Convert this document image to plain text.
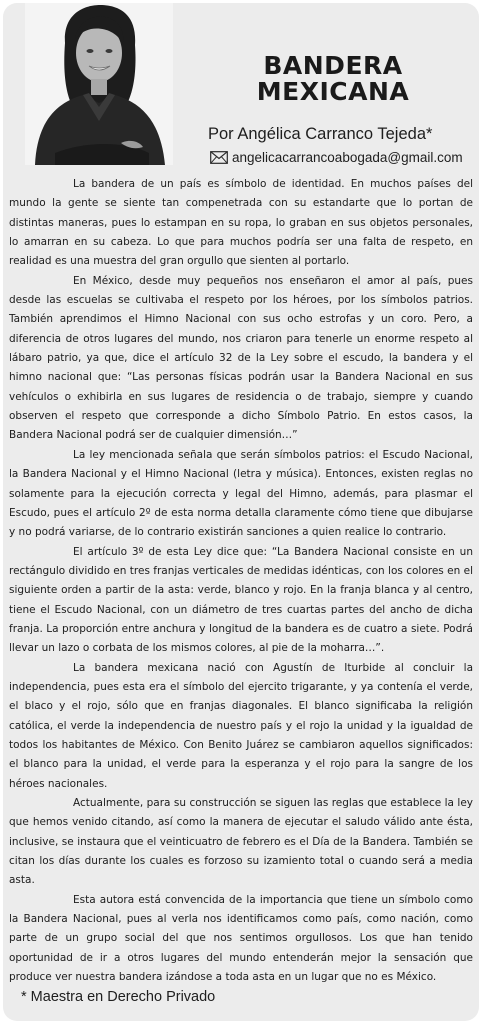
BANDERA
MEXICANA
Por Angélica Carranco Tejeda*
angelicacarrancoabogada@gmail.com

La bandera de un país es símbolo de identidad. En muchos países del mundo la gente se siente tan compenetrada con su estandarte que lo portan de distintas maneras, pues lo estampan en su ropa, lo graban en sus objetos personales, lo amarran en su cabeza. Lo que para muchos podría ser una falta de respeto, en realidad es una muestra del gran orgullo que sienten al portarlo.

En México, desde muy pequeños nos enseñaron el amor al país, pues desde las escuelas se cultivaba el respeto por los héroes, por los símbolos patrios. También aprendimos el Himno Nacional con sus ocho estrofas y un coro. Pero, a diferencia de otros lugares del mundo, nos criaron para tenerle un enorme respeto al lábaro patrio, ya que, dice el artículo 32 de la Ley sobre el escudo, la bandera y el himno nacional que: “Las personas físicas podrán usar la Bandera Nacional en sus vehículos o exhibirla en sus lugares de residencia o de trabajo, siempre y cuando observen el respeto que corresponde a dicho Símbolo Patrio. En estos casos, la Bandera Nacional podrá ser de cualquier dimensión…”

La ley mencionada señala que serán símbolos patrios: el Escudo Nacional, la Bandera Nacional y el Himno Nacional (letra y música). Entonces, existen reglas no solamente para la ejecución correcta y legal del Himno, además, para plasmar el Escudo, pues el artículo 2º de esta norma detalla claramente cómo tiene que dibujarse y no podrá variarse, de lo contrario existirán sanciones a quien realice lo contrario.

El artículo 3º de esta Ley dice que: “La Bandera Nacional consiste en un rectángulo dividido en tres franjas verticales de medidas idénticas, con los colores en el siguiente orden a partir de la asta: verde, blanco y rojo. En la franja blanca y al centro, tiene el Escudo Nacional, con un diámetro de tres cuartas partes del ancho de dicha franja. La proporción entre anchura y longitud de la bandera es de cuatro a siete. Podrá llevar un lazo o corbata de los mismos colores, al pie de la moharra…”.

La bandera mexicana nació con Agustín de Iturbide al concluir la independencia, pues esta era el símbolo del ejercito trigarante, y ya contenía el verde, el blaco y el rojo, sólo que en franjas diagonales. El blanco significaba la religión católica, el verde la independencia de nuestro país y el rojo la unidad y la igualdad de todos los habitantes de México. Con Benito Juárez se cambiaron aquellos significados: el blanco para la unidad, el verde para la esperanza y el rojo para la sangre de los héroes nacionales.

Actualmente, para su construcción se siguen las reglas que establece la ley que hemos venido citando, así como la manera de ejecutar el saludo válido ante ésta, inclusive, se instaura que el veinticuatro de febrero es el Día de la Bandera. También se citan los días durante los cuales es forzoso su izamiento total o cuando será a media asta.

Esta autora está convencida de la importancia que tiene un símbolo como la Bandera Nacional, pues al verla nos identificamos como país, como nación, como parte de un grupo social del que nos sentimos orgullosos. Los que han tenido oportunidad de ir a otros lugares del mundo entenderán mejor la sensación que produce ver nuestra bandera izándose a toda asta en un lugar que no es México.

* Maestra en Derecho Privado
